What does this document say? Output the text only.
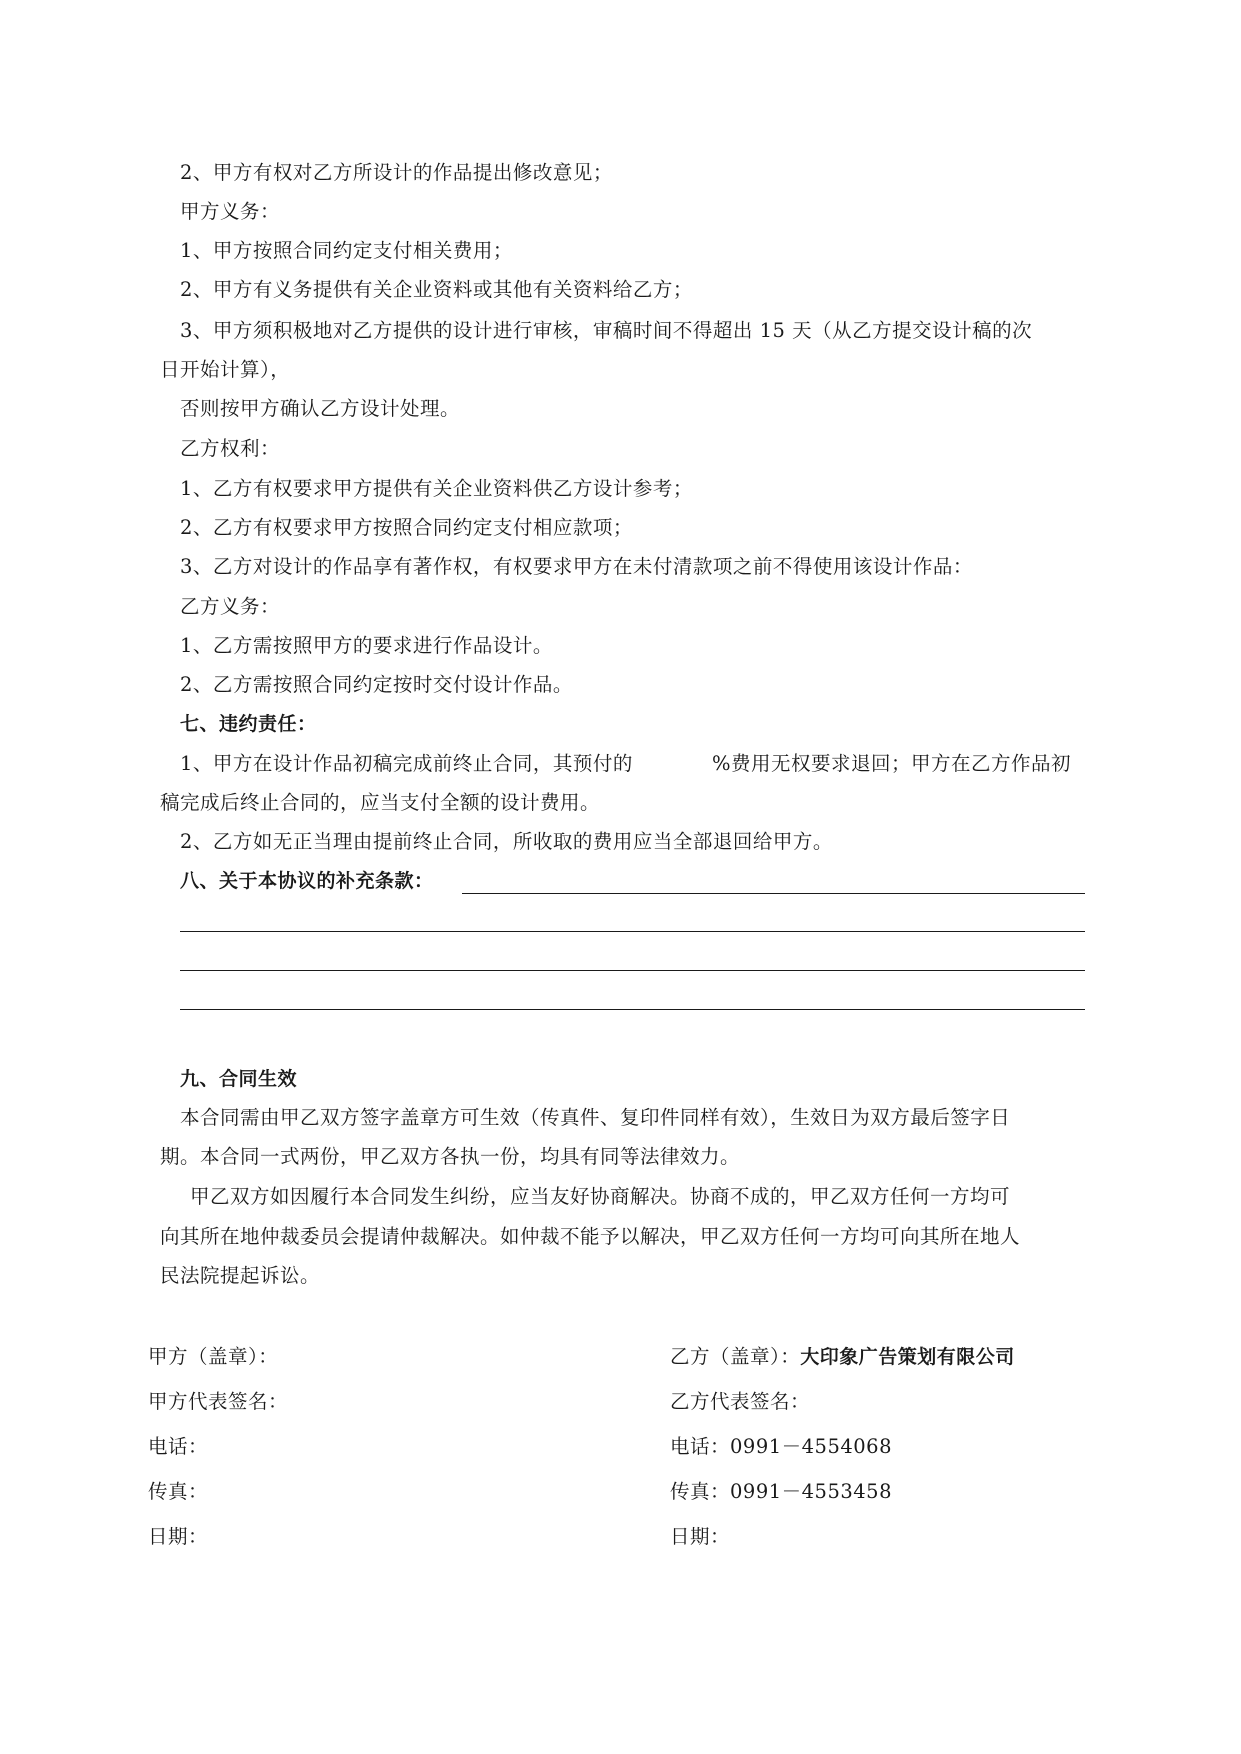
2、甲方有权对乙方所设计的作品提出修改意见；
甲方义务：
1、甲方按照合同约定支付相关费用；
2、甲方有义务提供有关企业资料或其他有关资料给乙方；
3、甲方须积极地对乙方提供的设计进行审核，审稿时间不得超出 15 天（从乙方提交设计稿的次
日开始计算），
否则按甲方确认乙方设计处理。
乙方权利：
1、乙方有权要求甲方提供有关企业资料供乙方设计参考；
2、乙方有权要求甲方按照合同约定支付相应款项；
3、乙方对设计的作品享有著作权，有权要求甲方在未付清款项之前不得使用该设计作品：
乙方义务：
1、乙方需按照甲方的要求进行作品设计。
2、乙方需按照合同约定按时交付设计作品。
七、违约责任：
1、甲方在设计作品初稿完成前终止合同，其预付的	%费用无权要求退回；甲方在乙方作品初
稿完成后终止合同的，应当支付全额的设计费用。
2、乙方如无正当理由提前终止合同，所收取的费用应当全部退回给甲方。
八、关于本协议的补充条款：
九、合同生效
本合同需由甲乙双方签字盖章方可生效（传真件、复印件同样有效），生效日为双方最后签字日
期。本合同一式两份，甲乙双方各执一份，均具有同等法律效力。
甲乙双方如因履行本合同发生纠纷，应当友好协商解决。协商不成的，甲乙双方任何一方均可
向其所在地仲裁委员会提请仲裁解决。如仲裁不能予以解决，甲乙双方任何一方均可向其所在地人
民法院提起诉讼。
甲方（盖章）：
甲方代表签名：
电话：
传真：
日期：
乙方（盖章）：大印象广告策划有限公司
乙方代表签名：
电话：0991－4554068
传真：0991－4553458
日期：
